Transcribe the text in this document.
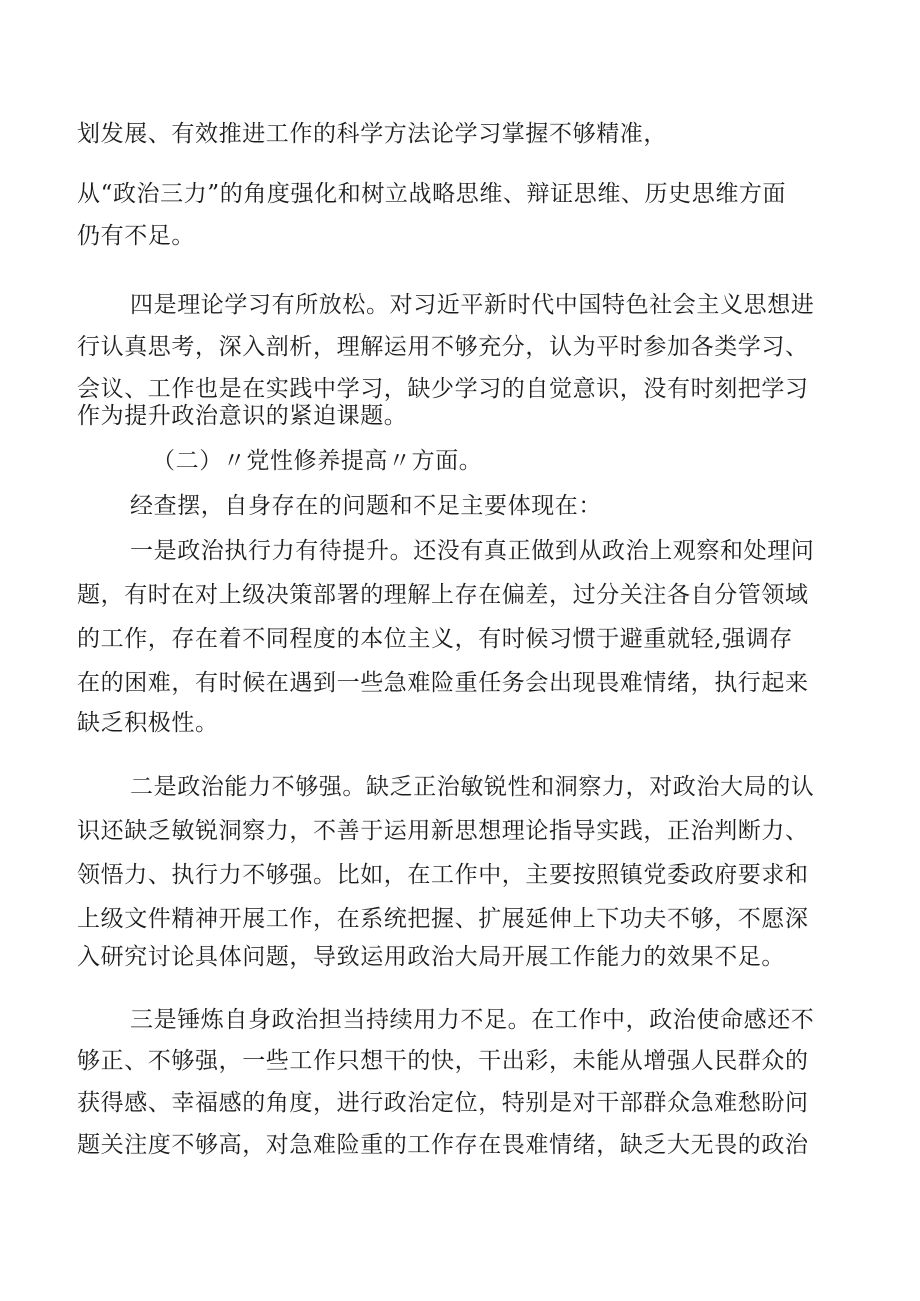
划发展、有效推进工作的科学方法论学习掌握不够精准，
从“政治三力”的角度强化和树立战略思维、辩证思维、历史思维方面
仍有不足。
四是理论学习有所放松。对习近平新时代中国特色社会主义思想进
行认真思考，深入剖析，理解运用不够充分，认为平时参加各类学习、
会议、工作也是在实践中学习，缺少学习的自觉意识，没有时刻把学习
作为提升政治意识的紧迫课题。
（二）〃党性修养提高〃方面。
经查摆，自身存在的问题和不足主要体现在：
一是政治执行力有待提升。还没有真正做到从政治上观察和处理问
题，有时在对上级决策部署的理解上存在偏差，过分关注各自分管领域
的工作，存在着不同程度的本位主义，有时候习惯于避重就轻,强调存
在的困难，有时候在遇到一些急难险重任务会出现畏难情绪，执行起来
缺乏积极性。
二是政治能力不够强。缺乏正治敏锐性和洞察力，对政治大局的认
识还缺乏敏锐洞察力，不善于运用新思想理论指导实践，正治判断力、
领悟力、执行力不够强。比如，在工作中，主要按照镇党委政府要求和
上级文件精神开展工作，在系统把握、扩展延伸上下功夫不够，不愿深
入研究讨论具体问题，导致运用政治大局开展工作能力的效果不足。
三是锤炼自身政治担当持续用力不足。在工作中，政治使命感还不
够正、不够强，一些工作只想干的快，干出彩，未能从增强人民群众的
获得感、幸福感的角度，进行政治定位，特别是对干部群众急难愁盼问
题关注度不够高，对急难险重的工作存在畏难情绪，缺乏大无畏的政治
